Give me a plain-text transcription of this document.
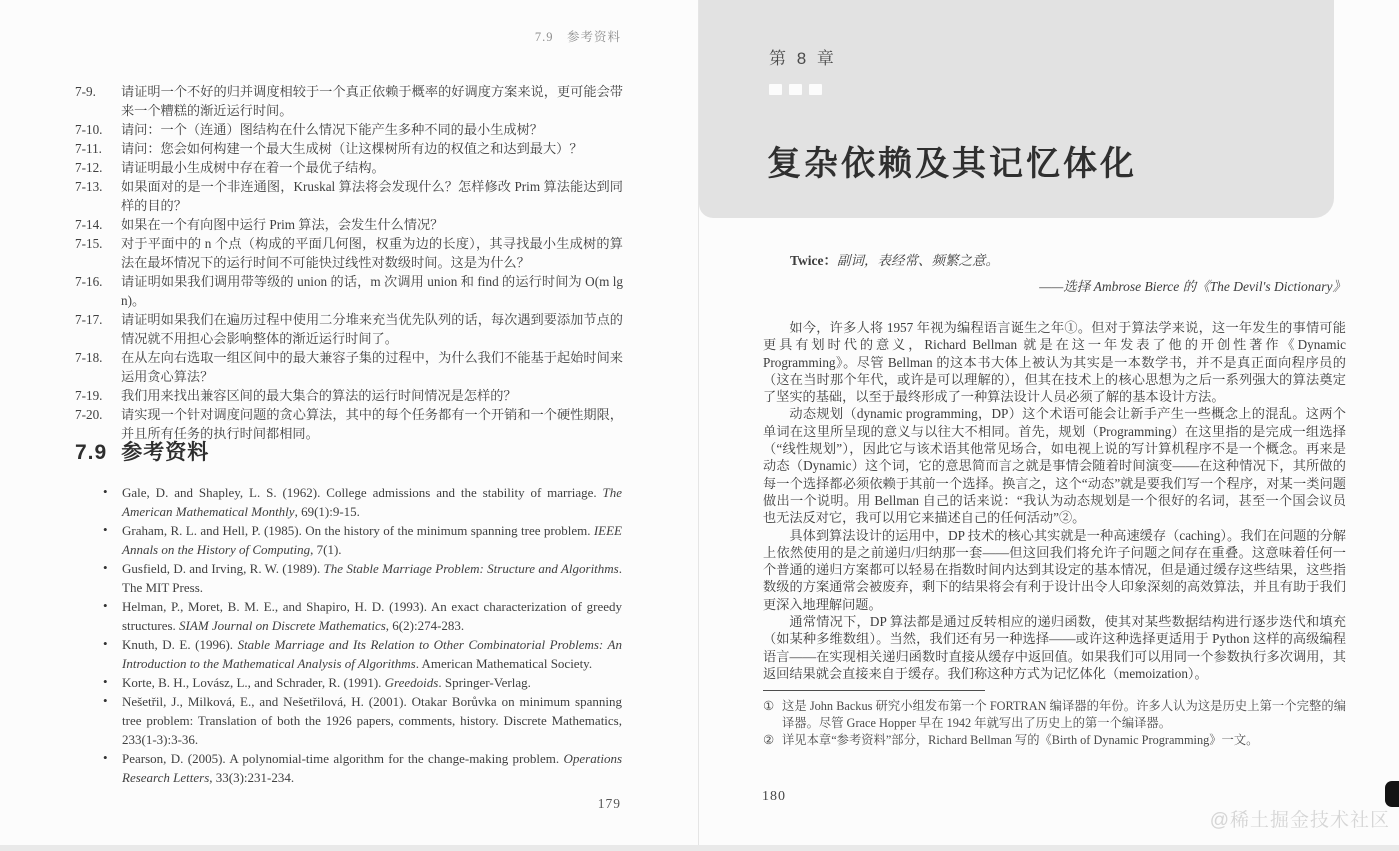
7.9　参考资料
7-9.	请证明一个不好的归并调度相较于一个真正依赖于概率的好调度方案来说，更可能会带来一个糟糕的渐近运行时间。
7-10.	请问：一个（连通）图结构在什么情况下能产生多种不同的最小生成树？
7-11.	请问：您会如何构建一个最大生成树（让这棵树所有边的权值之和达到最大）？
7-12.	请证明最小生成树中存在着一个最优子结构。
7-13.	如果面对的是一个非连通图，Kruskal 算法将会发现什么？怎样修改 Prim 算法能达到同样的目的？
7-14.	如果在一个有向图中运行 Prim 算法，会发生什么情况？
7-15.	对于平面中的 n 个点（构成的平面几何图，权重为边的长度），其寻找最小生成树的算法在最坏情况下的运行时间不可能快过线性对数级时间。这是为什么？
7-16.	请证明如果我们调用带等级的 union 的话，m 次调用 union 和 find 的运行时间为 O(m lg n)。
7-17.	请证明如果我们在遍历过程中使用二分堆来充当优先队列的话，每次遇到要添加节点的情况就不用担心会影响整体的渐近运行时间了。
7-18.	在从左向右选取一组区间中的最大兼容子集的过程中，为什么我们不能基于起始时间来运用贪心算法？
7-19.	我们用来找出兼容区间的最大集合的算法的运行时间情况是怎样的？
7-20.	请实现一个针对调度问题的贪心算法，其中的每个任务都有一个开销和一个硬性期限，并且所有任务的执行时间都相同。
7.9 参考资料
• Gale, D. and Shapley, L. S. (1962). College admissions and the stability of marriage. The American Mathematical Monthly, 69(1):9-15.
• Graham, R. L. and Hell, P. (1985). On the history of the minimum spanning tree problem. IEEE Annals on the History of Computing, 7(1).
• Gusfield, D. and Irving, R. W. (1989). The Stable Marriage Problem: Structure and Algorithms. The MIT Press.
• Helman, P., Moret, B. M. E., and Shapiro, H. D. (1993). An exact characterization of greedy structures. SIAM Journal on Discrete Mathematics, 6(2):274-283.
• Knuth, D. E. (1996). Stable Marriage and Its Relation to Other Combinatorial Problems: An Introduction to the Mathematical Analysis of Algorithms. American Mathematical Society.
• Korte, B. H., Lovász, L., and Schrader, R. (1991). Greedoids. Springer-Verlag.
• Nešetřil, J., Milková, E., and Nešetřilová, H. (2001). Otakar Borůvka on minimum spanning tree problem: Translation of both the 1926 papers, comments, history. Discrete Mathematics, 233(1-3):3-36.
• Pearson, D. (2005). A polynomial-time algorithm for the change-making problem. Operations Research Letters, 33(3):231-234.
179
第 8 章
复杂依赖及其记忆体化
Twice：副词，表经常、频繁之意。
——选择 Ambrose Bierce 的《The Devil's Dictionary》

如今，许多人将 1957 年视为编程语言诞生之年①。但对于算法学来说，这一年发生的事情可能更具有划时代的意义，Richard Bellman 就是在这一年发表了他的开创性著作《Dynamic Programming》。尽管 Bellman 的这本书大体上被认为其实是一本数学书，并不是真正面向程序员的（这在当时那个年代，或许是可以理解的），但其在技术上的核心思想为之后一系列强大的算法奠定了坚实的基础，以至于最终形成了一种算法设计人员必须了解的基本设计方法。

动态规划（dynamic programming，DP）这个术语可能会让新手产生一些概念上的混乱。这两个单词在这里所呈现的意义与以往大不相同。首先，规划（Programming）在这里指的是完成一组选择（“线性规划”），因此它与该术语其他常见场合，如电视上说的写计算机程序不是一个概念。再来是动态（Dynamic）这个词，它的意思简而言之就是事情会随着时间演变——在这种情况下，其所做的每一个选择都必须依赖于其前一个选择。换言之，这个“动态”就是要我们写一个程序，对某一类问题做出一个说明。用 Bellman 自己的话来说：“我认为动态规划是一个很好的名词，甚至一个国会议员也无法反对它，我可以用它来描述自己的任何活动”②。

具体到算法设计的运用中，DP 技术的核心其实就是一种高速缓存（caching）。我们在问题的分解上依然使用的是之前递归/归纳那一套——但这回我们将允许子问题之间存在重叠。这意味着任何一个普通的递归方案都可以轻易在指数时间内达到其设定的基本情况，但是通过缓存这些结果，这些指数级的方案通常会被废弃，剩下的结果将会有利于设计出令人印象深刻的高效算法，并且有助于我们更深入地理解问题。

通常情况下，DP 算法都是通过反转相应的递归函数，使其对某些数据结构进行逐步迭代和填充（如某种多维数组）。当然，我们还有另一种选择——或许这种选择更适用于 Python 这样的高级编程语言——在实现相关递归函数时直接从缓存中返回值。如果我们可以用同一个参数执行多次调用，其返回结果就会直接来自于缓存。我们称这种方式为记忆体化（memoization）。

① 这是 John Backus 研究小组发布第一个 FORTRAN 编译器的年份。许多人认为这是历史上第一个完整的编译器。尽管 Grace Hopper 早在 1942 年就写出了历史上的第一个编译器。
② 详见本章“参考资料”部分，Richard Bellman 写的《Birth of Dynamic Programming》一文。
180
@稀土掘金技术社区
